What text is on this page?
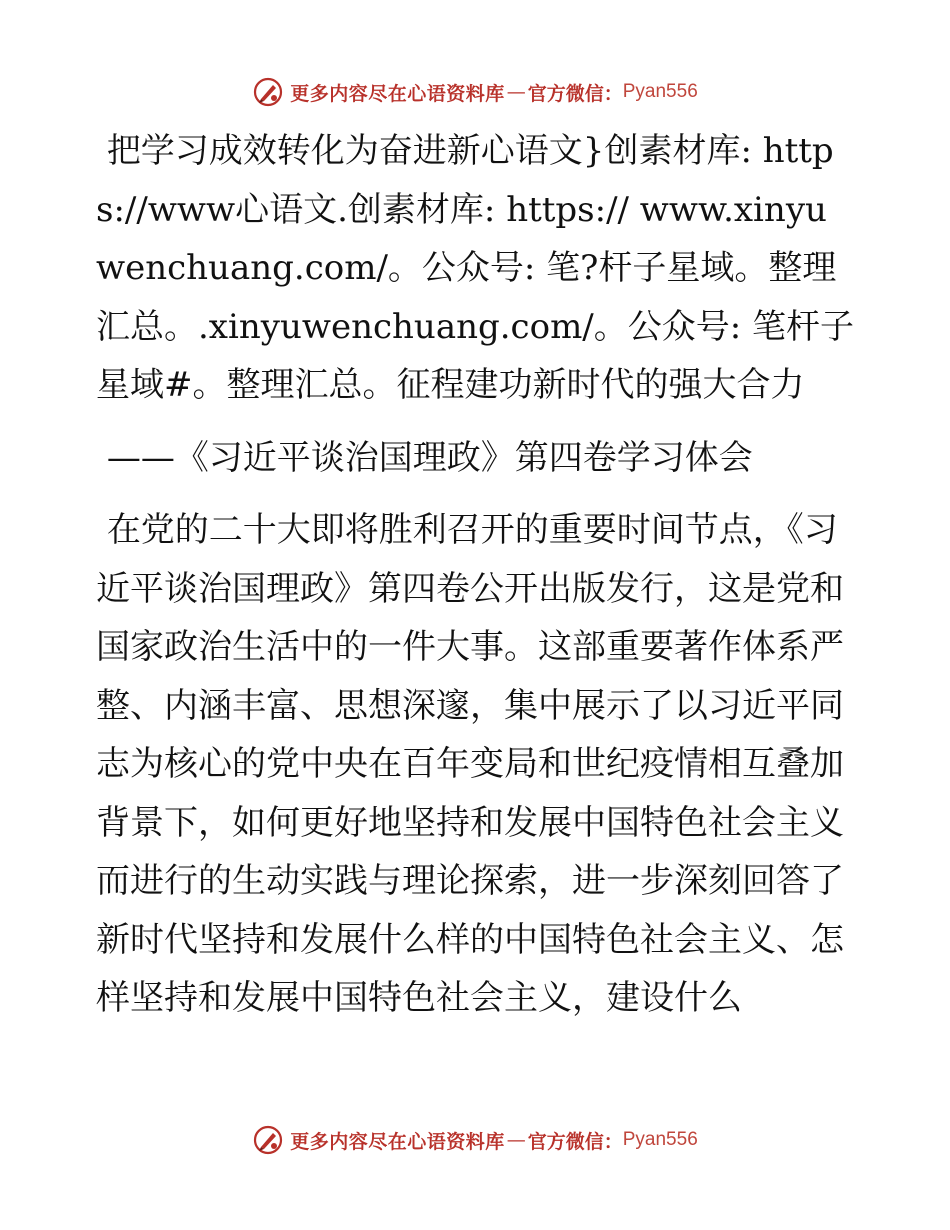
更多内容尽在心语资料库 — 官方微信： Pyan556

把学习成效转化为奋进新心语文}创素材库: https://www心语文.创素材库: https:// www.xinyuwenchuang.com/。公众号: 笔?杆子星域。整理汇总。.xinyuwenchuang.com/。公众号: 笔杆子星域#。整理汇总。征程建功新时代的强大合力

——《习近平谈治国理政》第四卷学习体会

在党的二十大即将胜利召开的重要时间节点，《习近平谈治国理政》第四卷公开出版发行，这是党和国家政治生活中的一件大事。这部重要著作体系严整、内涵丰富、思想深邃，集中展示了以习近平同志为核心的党中央在百年变局和世纪疫情相互叠加背景下，如何更好地坚持和发展中国特色社会主义而进行的生动实践与理论探索，进一步深刻回答了新时代坚持和发展什么样的中国特色社会主义、怎样坚持和发展中国特色社会主义，建设什么

更多内容尽在心语资料库 — 官方微信： Pyan556
